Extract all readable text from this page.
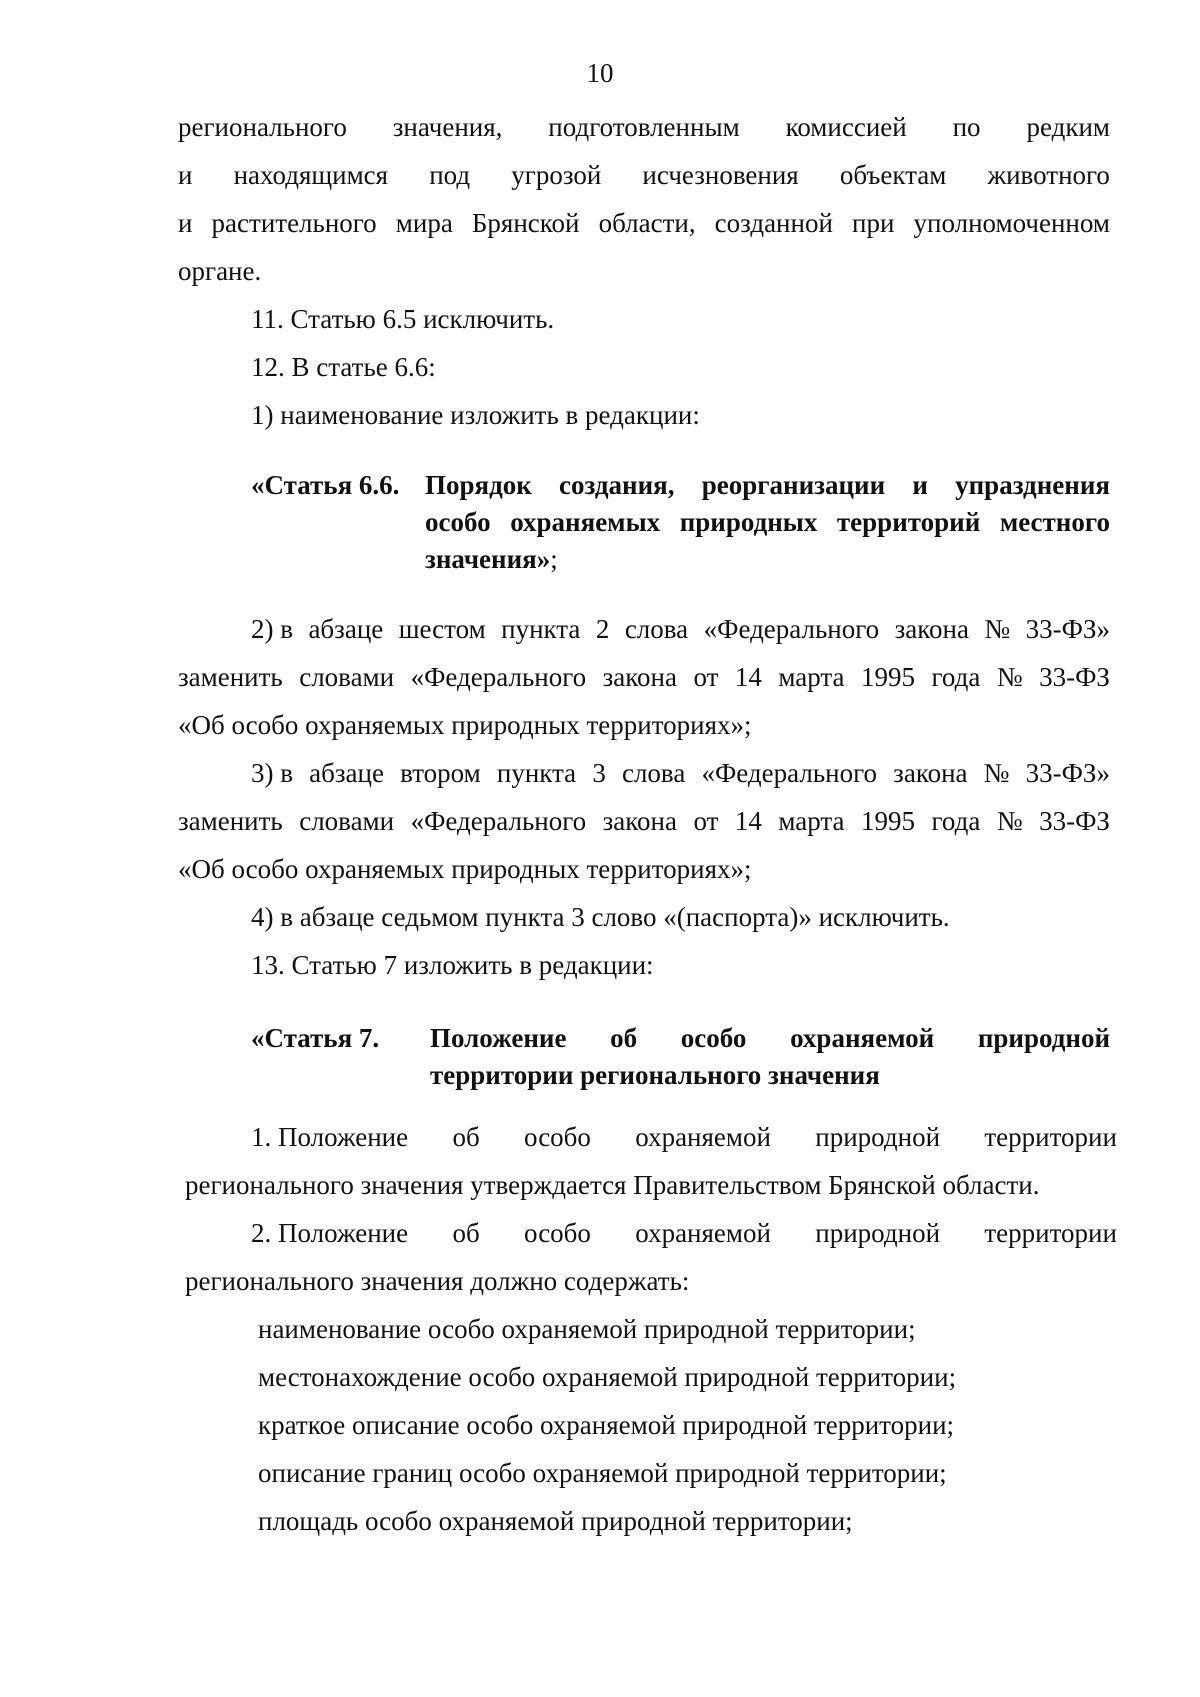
10
регионального значения, подготовленным комиссией по редким
и находящимся под угрозой исчезновения объектам животного
и растительного мира Брянской области, созданной при уполномоченном
органе.
11. Статью 6.5 исключить.
12. В статье 6.6:
1) наименование изложить в редакции:
«Статья 6.6. Порядок создания, реорганизации и упразднения
особо охраняемых природных территорий местного
значения»;
2) в абзаце шестом пункта 2 слова «Федерального закона № 33-ФЗ»
заменить словами «Федерального закона от 14 марта 1995 года № 33-ФЗ
«Об особо охраняемых природных территориях»;
3) в абзаце втором пункта 3 слова «Федерального закона № 33-ФЗ»
заменить словами «Федерального закона от 14 марта 1995 года № 33-ФЗ
«Об особо охраняемых природных территориях»;
4) в абзаце седьмом пункта 3 слово «(паспорта)» исключить.
13. Статью 7 изложить в редакции:
«Статья 7. Положение об особо охраняемой природной
территории регионального значения
1. Положение об особо охраняемой природной территории
регионального значения утверждается Правительством Брянской области.
2. Положение об особо охраняемой природной территории
регионального значения должно содержать:
наименование особо охраняемой природной территории;
местонахождение особо охраняемой природной территории;
краткое описание особо охраняемой природной территории;
описание границ особо охраняемой природной территории;
площадь особо охраняемой природной территории;
